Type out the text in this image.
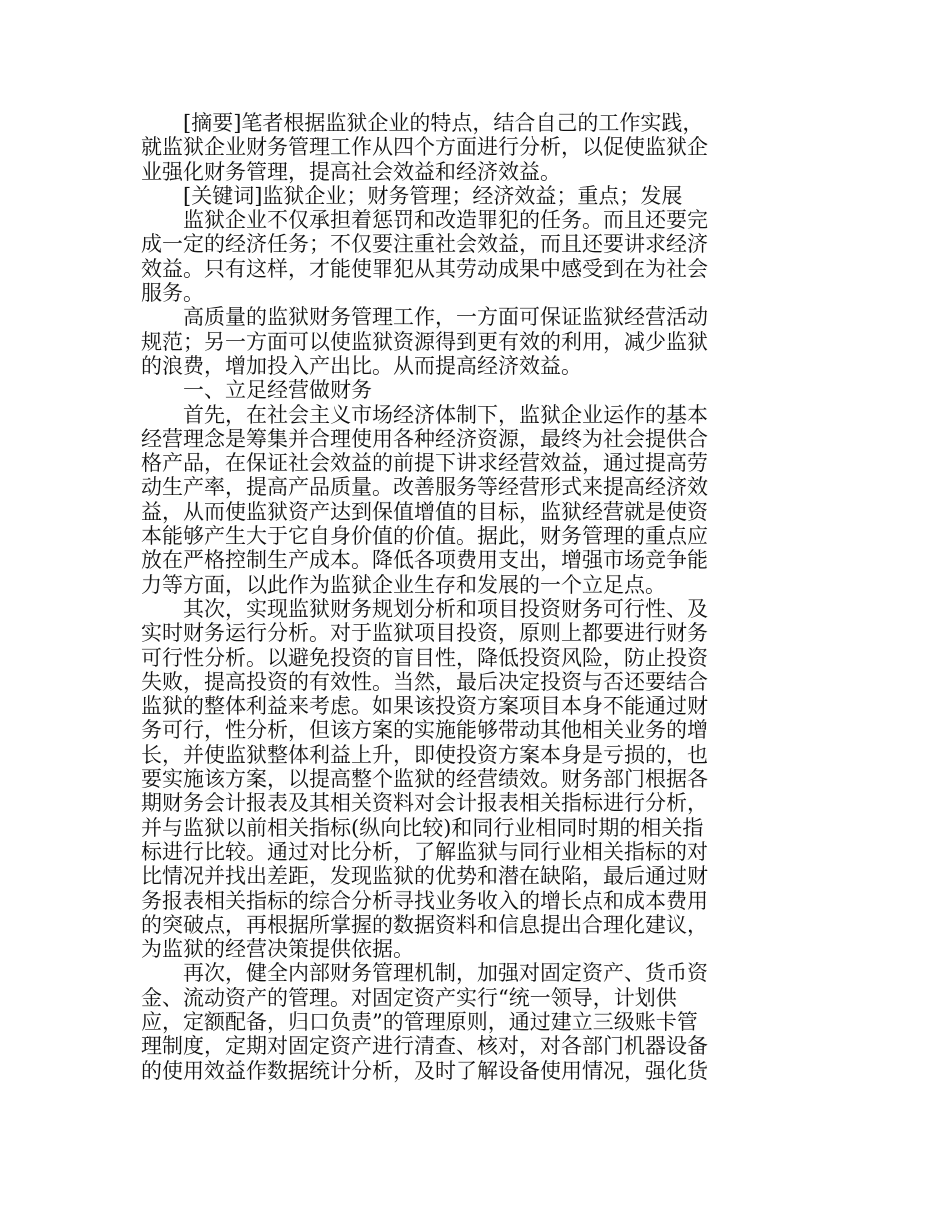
　　[摘要]笔者根据监狱企业的特点，结合自己的工作实践，
就监狱企业财务管理工作从四个方面进行分析，以促使监狱企
业强化财务管理，提高社会效益和经济效益。
　　[关键词]监狱企业；财务管理；经济效益；重点；发展
　　监狱企业不仅承担着惩罚和改造罪犯的任务。而且还要完
成一定的经济任务；不仅要注重社会效益，而且还要讲求经济
效益。只有这样，才能使罪犯从其劳动成果中感受到在为社会
服务。
　　高质量的监狱财务管理工作，一方面可保证监狱经营活动
规范；另一方面可以使监狱资源得到更有效的利用，减少监狱
的浪费，增加投入产出比。从而提高经济效益。
　　一、立足经营做财务
　　首先，在社会主义市场经济体制下，监狱企业运作的基本
经营理念是筹集并合理使用各种经济资源，最终为社会提供合
格产品，在保证社会效益的前提下讲求经营效益，通过提高劳
动生产率，提高产品质量。改善服务等经营形式来提高经济效
益，从而使监狱资产达到保值增值的目标，监狱经营就是使资
本能够产生大于它自身价值的价值。据此，财务管理的重点应
放在严格控制生产成本。降低各项费用支出，增强市场竞争能
力等方面，以此作为监狱企业生存和发展的一个立足点。
　　其次，实现监狱财务规划分析和项目投资财务可行性、及
实时财务运行分析。对于监狱项目投资，原则上都要进行财务
可行性分析。以避免投资的盲目性，降低投资风险，防止投资
失败，提高投资的有效性。当然，最后决定投资与否还要结合
监狱的整体利益来考虑。如果该投资方案项目本身不能通过财
务可行，性分析，但该方案的实施能够带动其他相关业务的增
长，并使监狱整体利益上升，即使投资方案本身是亏损的，也
要实施该方案，以提高整个监狱的经营绩效。财务部门根据各
期财务会计报表及其相关资料对会计报表相关指标进行分析，
并与监狱以前相关指标(纵向比较)和同行业相同时期的相关指
标进行比较。通过对比分析，了解监狱与同行业相关指标的对
比情况并找出差距，发现监狱的优势和潜在缺陷，最后通过财
务报表相关指标的综合分析寻找业务收入的增长点和成本费用
的突破点，再根据所掌握的数据资料和信息提出合理化建议，
为监狱的经营决策提供依据。
　　再次，健全内部财务管理机制，加强对固定资产、货币资
金、流动资产的管理。对固定资产实行“统一领导，计划供
应，定额配备，归口负责”的管理原则，通过建立三级账卡管
理制度，定期对固定资产进行清查、核对，对各部门机器设备
的使用效益作数据统计分析，及时了解设备使用情况，强化货
